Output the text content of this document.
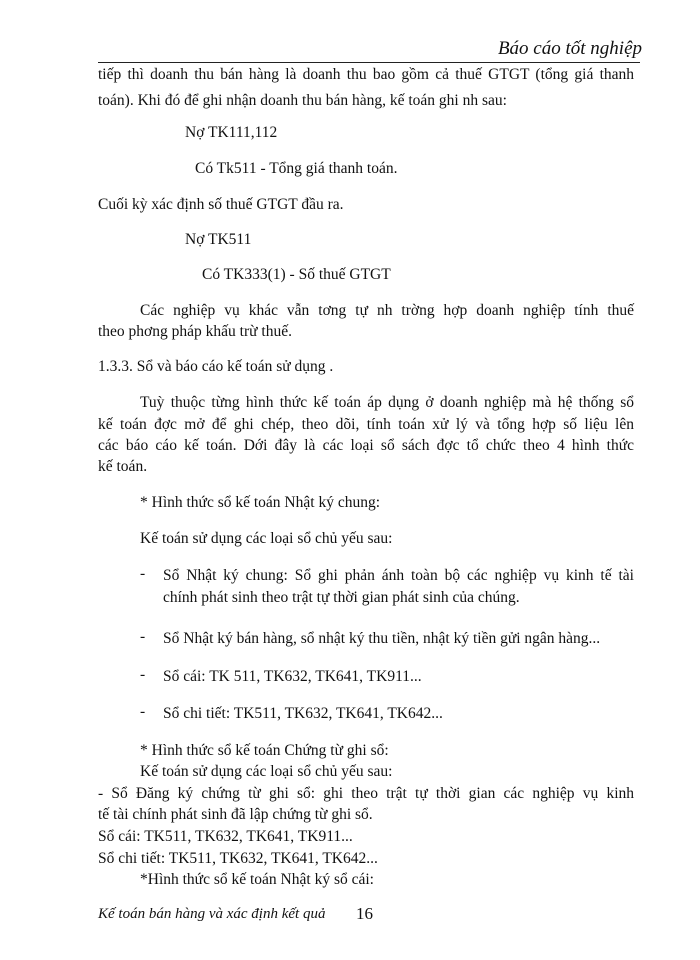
Báo cáo tốt nghiệp
tiếp thì doanh thu bán hàng là doanh thu bao gồm cả thuế GTGT (tổng giá thanh
toán). Khi đó để ghi nhận doanh thu bán hàng, kế toán ghi nh sau:
Nợ TK111,112
Có Tk511 - Tổng giá thanh toán.
Cuối kỳ xác định số thuế GTGT đầu ra.
Nợ TK511
Có TK333(1) - Số thuế GTGT
Các nghiệp vụ khác vẫn tơng tự nh trờng hợp doanh nghiệp tính thuế
theo phơng pháp khấu trừ thuế.
1.3.3. Sổ và báo cáo kế toán sử dụng .
Tuỳ thuộc từng hình thức kế toán áp dụng ở doanh nghiệp mà hệ thống sổ
kế toán đợc mở để ghi chép, theo dõi, tính toán xử lý và tổng hợp số liệu lên
các báo cáo kế toán. Dới đây là các loại sổ sách đợc tổ chức theo 4 hình thức
kế toán.
* Hình thức sổ kế toán Nhật ký chung:
Kế toán sử dụng các loại sổ chủ yếu sau:
- Sổ Nhật ký chung: Sổ ghi phản ánh toàn bộ các nghiệp vụ kinh tế tài
chính phát sinh theo trật tự thời gian phát sinh của chúng.
- Sổ Nhật ký bán hàng, sổ nhật ký thu tiền, nhật ký tiền gửi ngân hàng...
- Sổ cái: TK 511, TK632, TK641, TK911...
- Sổ chi tiết: TK511, TK632, TK641, TK642...
* Hình thức sổ kế toán Chứng từ ghi sổ:
Kế toán sử dụng các loại sổ chủ yếu sau:
- Sổ Đăng ký chứng từ ghi sổ: ghi theo trật tự thời gian các nghiệp vụ kinh
tế tài chính phát sinh đã lập chứng từ ghi sổ.
Sổ cái: TK511, TK632, TK641, TK911...
Sổ chi tiết: TK511, TK632, TK641, TK642...
*Hình thức sổ kế toán Nhật ký sổ cái:
Kế toán bán hàng và xác định kết quả 16
